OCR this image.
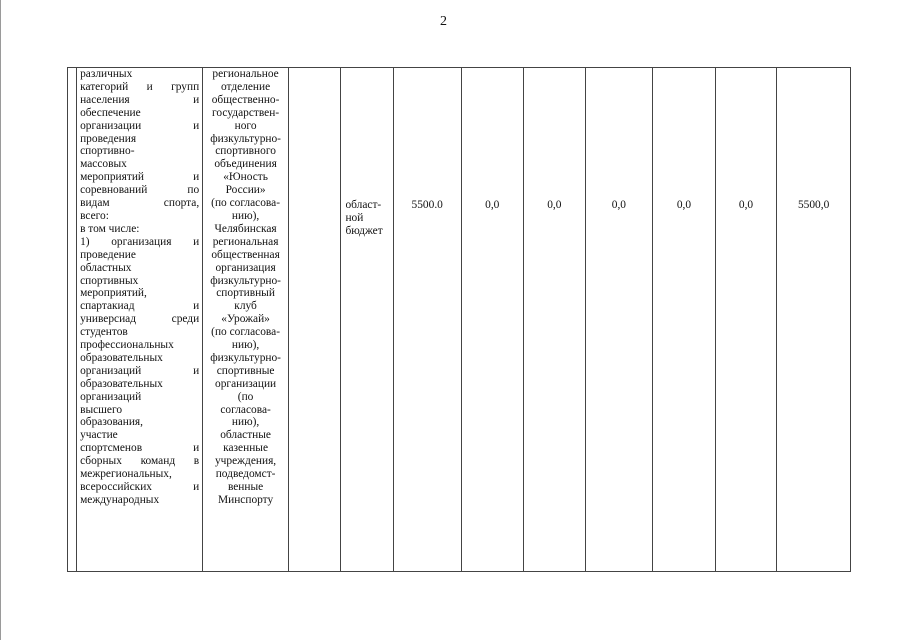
2

различных
категорий и групп
населения и
обеспечение
организации и
проведения
спортивно-
массовых
мероприятий и
соревнований по
видам спорта,
всего:
в том числе:
1) организация и
проведение
областных
спортивных
мероприятий,
спартакиад и
универсиад среди
студентов
профессиональных
образовательных
организаций и
образовательных
организаций
высшего
образования,
участие
спортсменов и
сборных команд в
межрегиональных,
всероссийских и
международных

региональное
отделение
общественно-
государствен-
ного
физкультурно-
спортивного
объединения
«Юность
России»
(по согласова-
нию),
Челябинская
региональная
общественная
организация
физкультурно-
спортивный
клуб
«Урожай»
(по согласова-
нию),
физкультурно-
спортивные
организации
(по
согласова-
нию),
областные
казенные
учреждения,
подведомст-
венные
Минспорту

област-
ной
бюджет

5500.0	0,0	0,0	0,0	0,0	0,0	5500,0
